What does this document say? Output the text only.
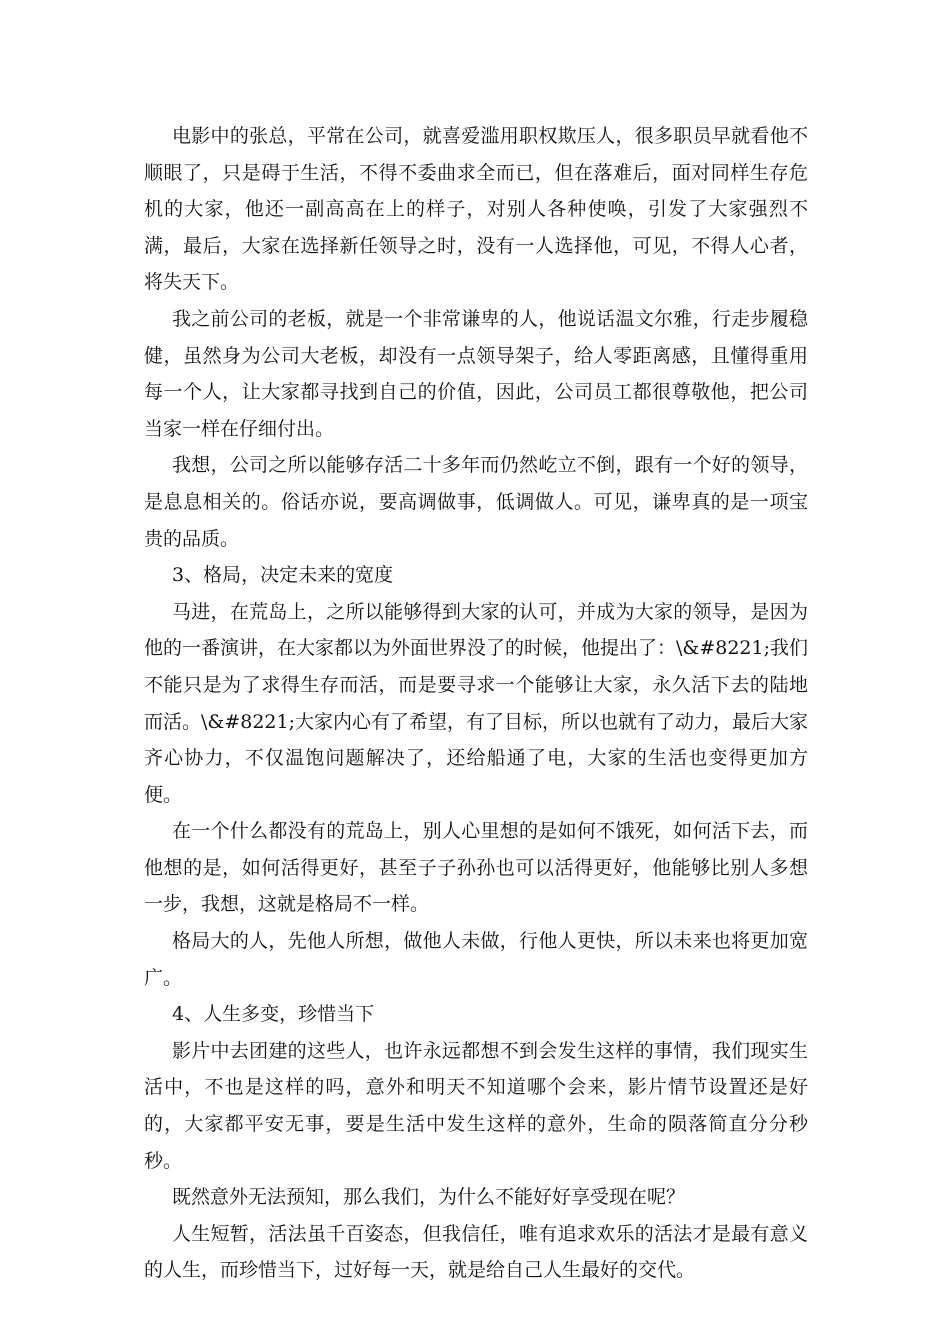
电影中的张总，平常在公司，就喜爱滥用职权欺压人，很多职员早就看他不顺眼了，只是碍于生活，不得不委曲求全而已，但在落难后，面对同样生存危机的大家，他还一副高高在上的样子，对别人各种使唤，引发了大家强烈不满，最后，大家在选择新任领导之时，没有一人选择他，可见，不得人心者，将失天下。

我之前公司的老板，就是一个非常谦卑的人，他说话温文尔雅，行走步履稳健，虽然身为公司大老板，却没有一点领导架子，给人零距离感，且懂得重用每一个人，让大家都寻找到自己的价值，因此，公司员工都很尊敬他，把公司当家一样在仔细付出。

我想，公司之所以能够存活二十多年而仍然屹立不倒，跟有一个好的领导，是息息相关的。俗话亦说，要高调做事，低调做人。可见，谦卑真的是一项宝贵的品质。

3、格局，决定未来的宽度

马进，在荒岛上，之所以能够得到大家的认可，并成为大家的领导，是因为他的一番演讲，在大家都以为外面世界没了的时候，他提出了：\&#8221;我们不能只是为了求得生存而活，而是要寻求一个能够让大家，永久活下去的陆地而活。\&#8221;大家内心有了希望，有了目标，所以也就有了动力，最后大家齐心协力，不仅温饱问题解决了，还给船通了电，大家的生活也变得更加方便。

在一个什么都没有的荒岛上，别人心里想的是如何不饿死，如何活下去，而他想的是，如何活得更好，甚至子子孙孙也可以活得更好，他能够比别人多想一步，我想，这就是格局不一样。

格局大的人，先他人所想，做他人未做，行他人更快，所以未来也将更加宽广。

4、人生多变，珍惜当下

影片中去团建的这些人，也许永远都想不到会发生这样的事情，我们现实生活中，不也是这样的吗，意外和明天不知道哪个会来，影片情节设置还是好的，大家都平安无事，要是生活中发生这样的意外，生命的陨落简直分分秒秒。

既然意外无法预知，那么我们，为什么不能好好享受现在呢？

人生短暂，活法虽千百姿态，但我信任，唯有追求欢乐的活法才是最有意义的人生，而珍惜当下，过好每一天，就是给自己人生最好的交代。
